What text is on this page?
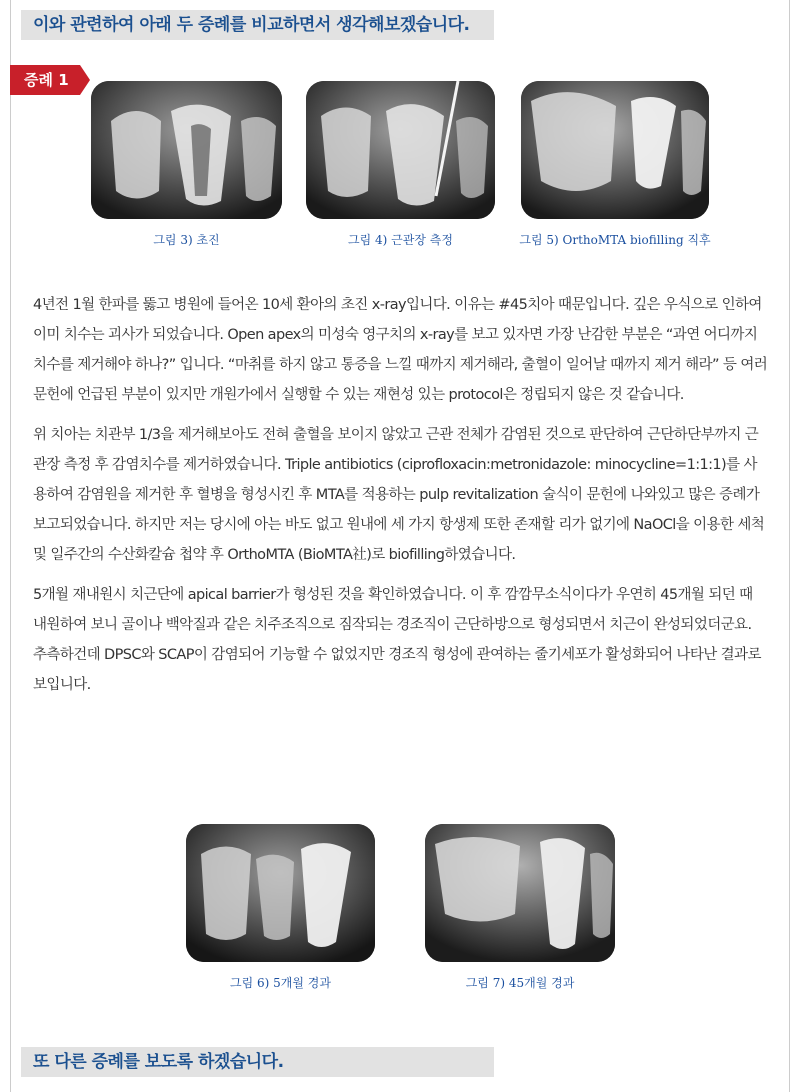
이와 관련하여 아래 두 증례를 비교하면서 생각해보겠습니다.
증례 1
그림 3) 초진	그림 4) 근관장 측정	그림 5) OrthoMTA biofilling 직후

4년전 1월 한파를 뚫고 병원에 들어온 10세 환아의 초진 x-ray입니다. 이유는 #45치아 때문입니다. 깊은 우식으로 인하여 이미 치수는 괴사가 되었습니다. Open apex의 미성숙 영구치의 x-ray를 보고 있자면 가장 난감한 부분은 “과연 어디까지 치수를 제거해야 하나?” 입니다. “마취를 하지 않고 통증을 느낄 때까지 제거해라, 출혈이 일어날 때까지 제거 해라” 등 여러 문헌에 언급된 부분이 있지만 개원가에서 실행할 수 있는 재현성 있는 protocol은 정립되지 않은 것 같습니다.

위 치아는 치관부 1/3을 제거해보아도 전혀 출혈을 보이지 않았고 근관 전체가 감염된 것으로 판단하여 근단하단부까지 근관장 측정 후 감염치수를 제거하였습니다. Triple antibiotics (ciprofloxacin:metronidazole: minocycline=1:1:1)를 사용하여 감염원을 제거한 후 혈병을 형성시킨 후 MTA를 적용하는 pulp revitalization 술식이 문헌에 나와있고 많은 증례가 보고되었습니다. 하지만 저는 당시에 아는 바도 없고 원내에 세 가지 항생제 또한 존재할 리가 없기에 NaOCl을 이용한 세척 및 일주간의 수산화칼슘 첩약 후 OrthoMTA (BioMTA社)로 biofilling하였습니다.

5개월 재내원시 치근단에 apical barrier가 형성된 것을 확인하였습니다. 이 후 깜깜무소식이다가 우연히 45개월 되던 때 내원하여 보니 골이나 백악질과 같은 치주조직으로 짐작되는 경조직이 근단하방으로 형성되면서 치근이 완성되었더군요. 추측하건데 DPSC와 SCAP이 감염되어 기능할 수 없었지만 경조직 형성에 관여하는 줄기세포가 활성화되어 나타난 결과로 보입니다.

그림 6) 5개월 경과	그림 7) 45개월 경과
또 다른 증례를 보도록 하겠습니다.
